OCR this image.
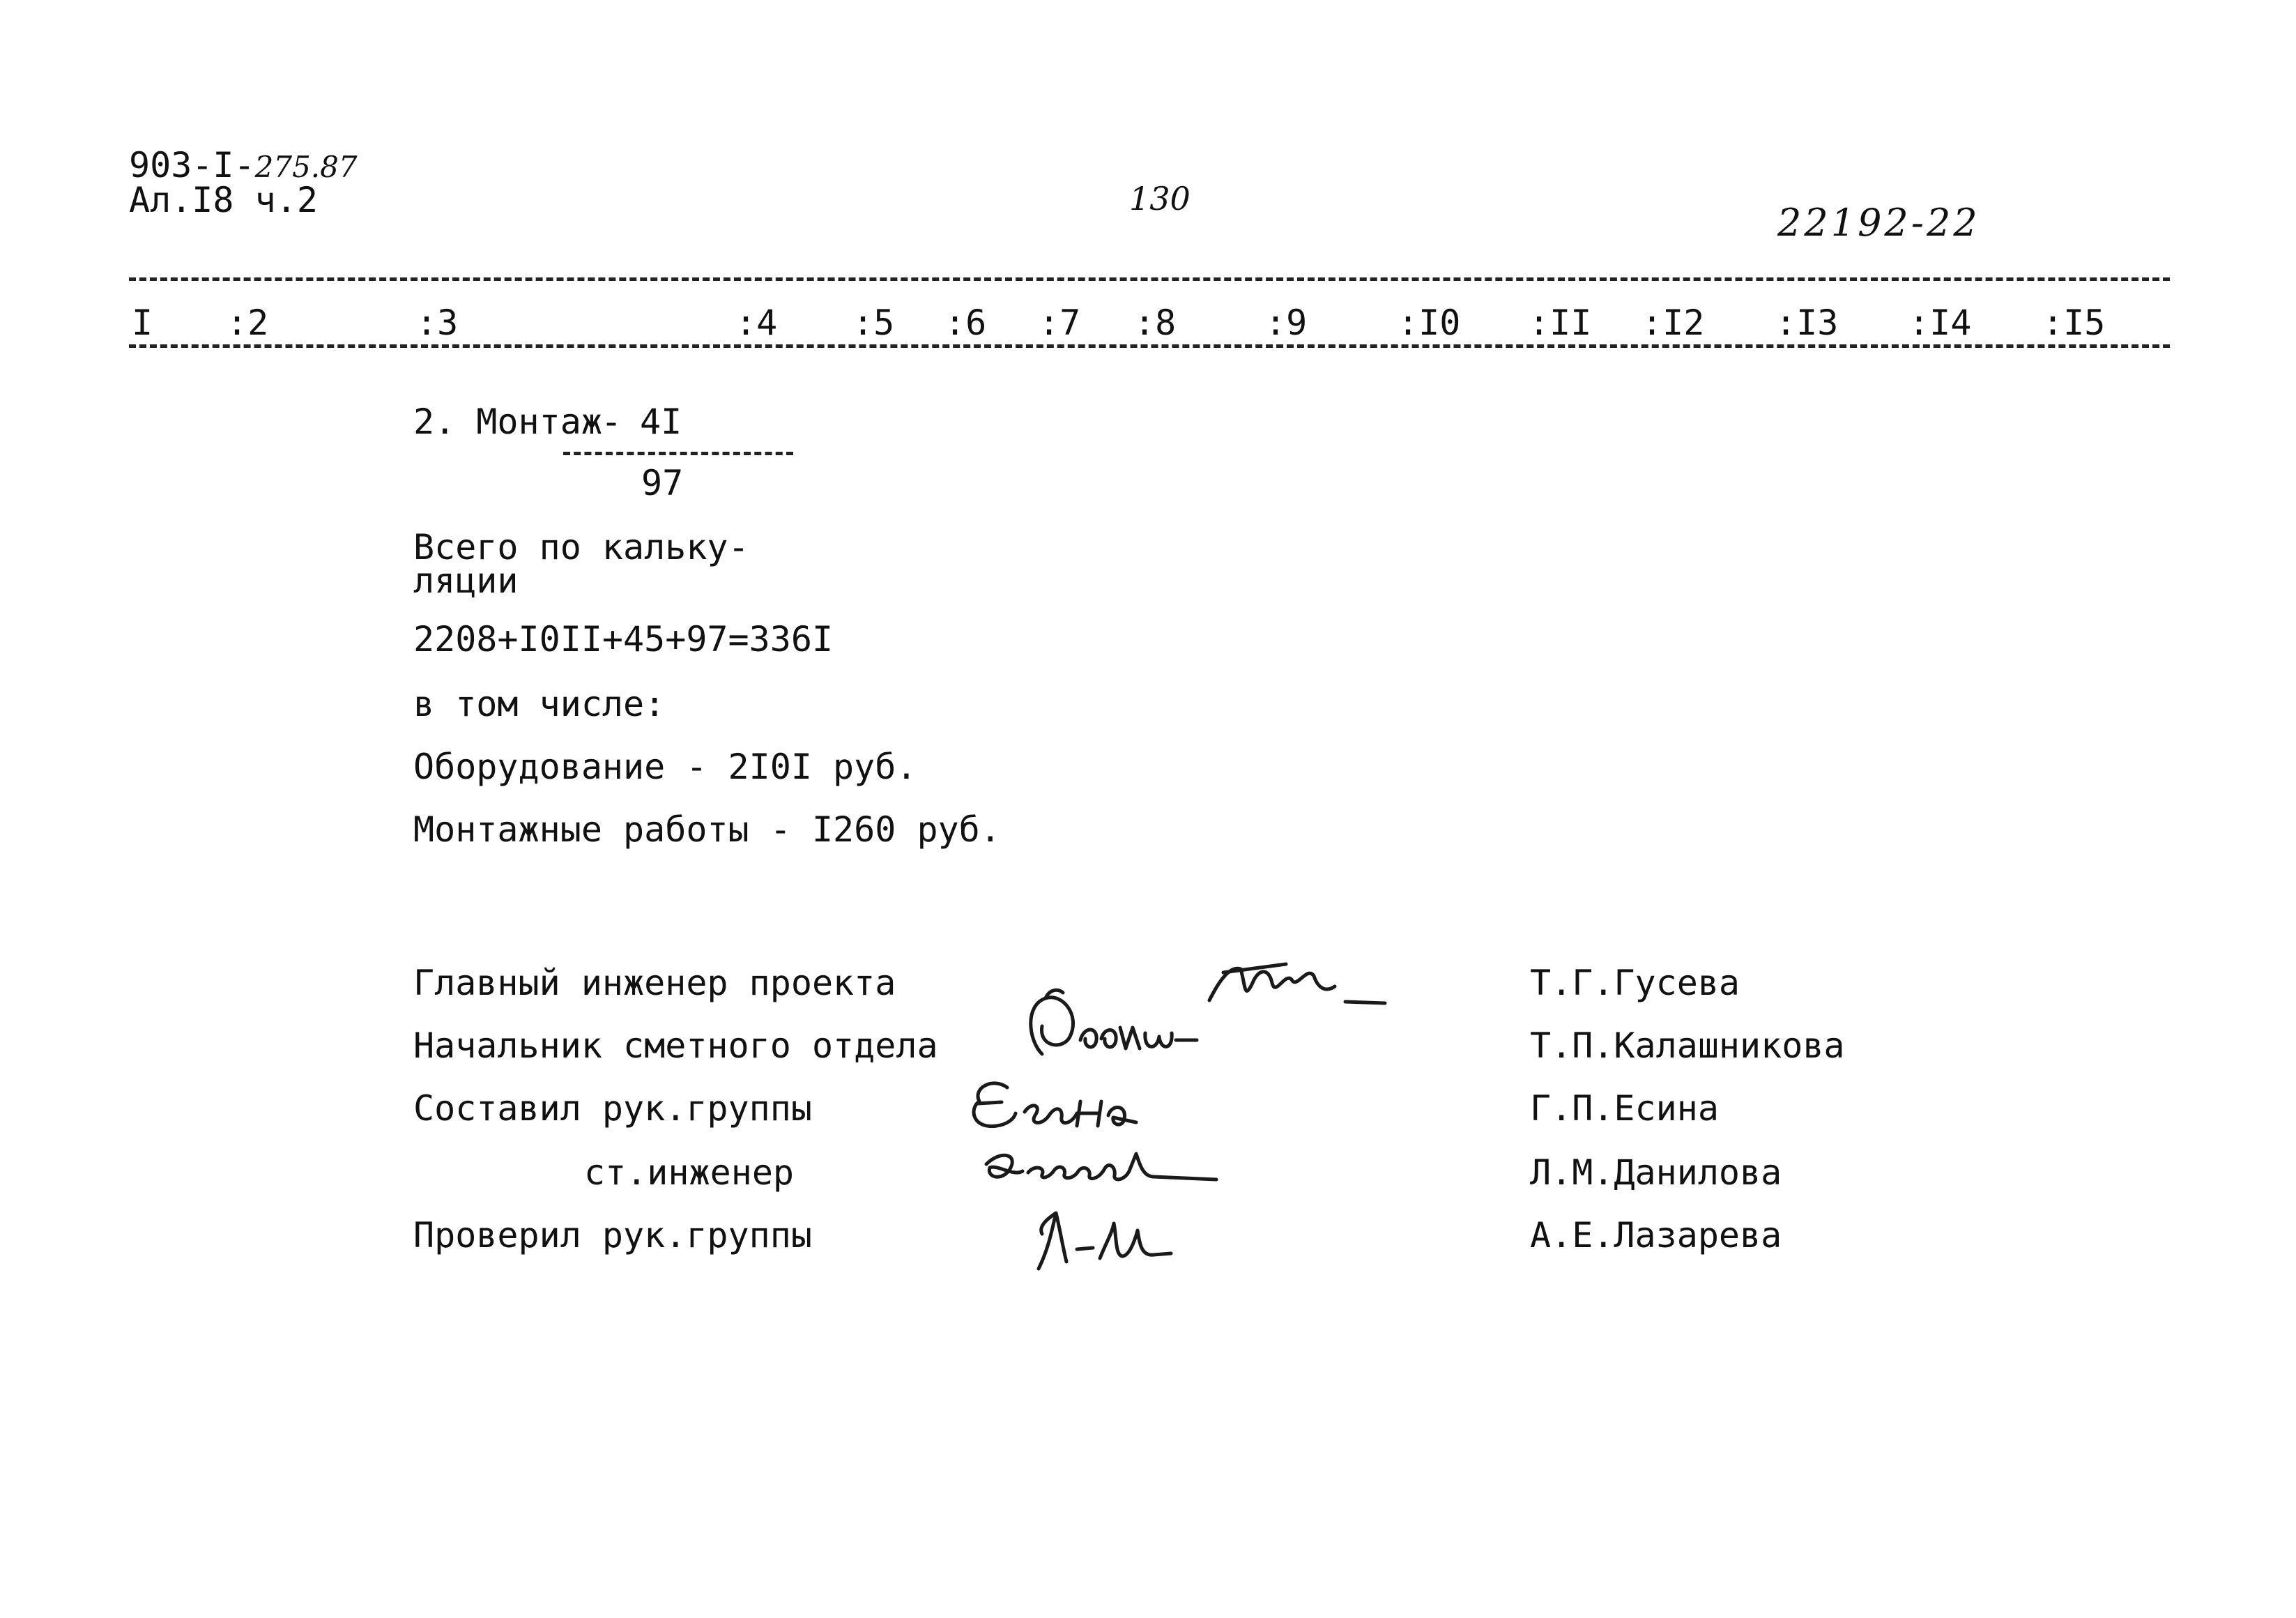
903-I-275.87
Ал.I8 ч.2	130
22192-22
I :2	:3	:4 :5 :6 :7 :8	:9	:I0 :II :I2 :I3 :I4 :I5
2. Монтаж
- 4I
97
Всего по кальку-
ляции
2208+I0II+45+97=336I
в том числе:
Оборудование - 2I0I руб.
Монтажные работы - I260 руб.
Главный инженер проекта	Т.Г.Гусева
Начальник сметного отдела	Т.П.Калашникова
Составил рук.группы	Г.П.Есина
ст.инженер	Л.М.Данилова
Проверил рук.группы	А.Е.Лазарева
